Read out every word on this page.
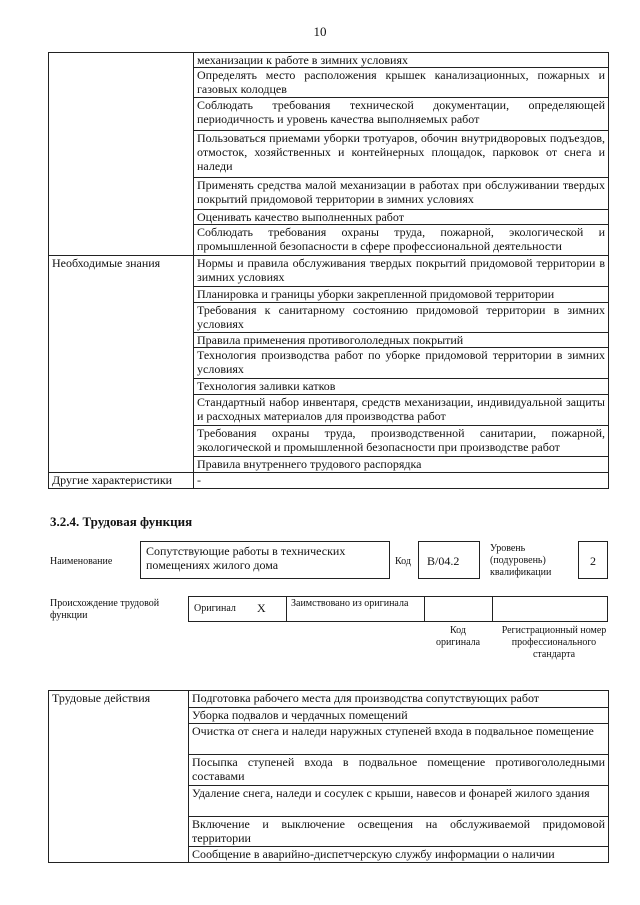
10
	механизации к работе в зимних условиях
	Определять место расположения крышек канализационных, пожарных и газовых колодцев
	Соблюдать требования технической документации, определяющей периодичность и уровень качества выполняемых работ
	Пользоваться приемами уборки тротуаров, обочин внутридворовых подъездов, отмосток, хозяйственных и контейнерных площадок, парковок от снега и наледи
	Применять средства малой механизации в работах при обслуживании твердых покрытий придомовой территории в зимних условиях
	Оценивать качество выполненных работ
	Соблюдать требования охраны труда, пожарной, экологической и промышленной безопасности в сфере профессиональной деятельности
Необходимые знания	Нормы и правила обслуживания твердых покрытий придомовой территории в зимних условиях
	Планировка и границы уборки закрепленной придомовой территории
	Требования к санитарному состоянию придомовой территории в зимних условиях
	Правила применения противогололедных покрытий
	Технология производства работ по уборке придомовой территории в зимних условиях
	Технология заливки катков
	Стандартный набор инвентаря, средств механизации, индивидуальной защиты и расходных материалов для производства работ
	Требования охраны труда, производственной санитарии, пожарной, экологической и промышленной безопасности при производстве работ
	Правила внутреннего трудового распорядка
Другие характеристики	-
3.2.4. Трудовая функция
Наименование
Сопутствующие работы в технических помещениях жилого дома	Код	В/04.2
Уровень (подуровень) квалификации
2
Происхождение трудовой функции
Оригинал X	Заимствовано из оригинала
Код оригинала
Регистрационный номер профессионального стандарта
Трудовые действия	Подготовка рабочего места для производства сопутствующих работ
Уборка подвалов и чердачных помещений
Очистка от снега и наледи наружных ступеней входа в подвальное помещение
Посыпка ступеней входа в подвальное помещение противогололедными составами
Удаление снега, наледи и сосулек с крыши, навесов и фонарей жилого здания
Включение и выключение освещения на обслуживаемой придомовой территории
Сообщение в аварийно-диспетчерскую службу информации о наличии
